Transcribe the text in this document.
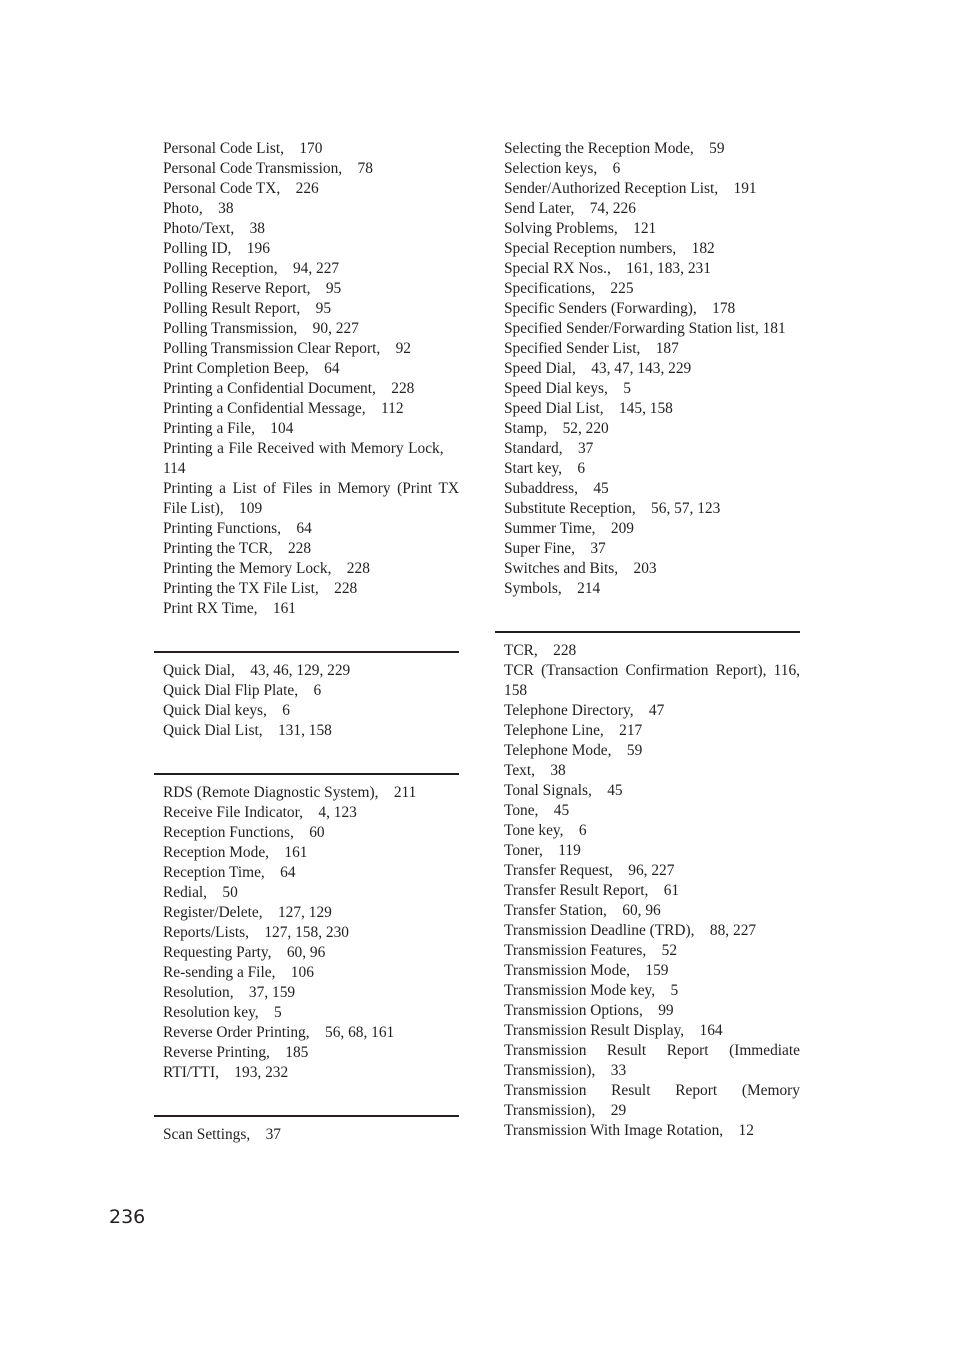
Personal Code List, 170
Personal Code Transmission, 78
Personal Code TX, 226
Photo, 38
Photo/Text, 38
Polling ID, 196
Polling Reception, 94, 227
Polling Reserve Report, 95
Polling Result Report, 95
Polling Transmission, 90, 227
Polling Transmission Clear Report, 92
Print Completion Beep, 64
Printing a Confidential Document, 228
Printing a Confidential Message, 112
Printing a File, 104
Printing a File Received with Memory Lock, 114
Printing a List of Files in Memory (Print TX File List), 109
Printing Functions, 64
Printing the TCR, 228
Printing the Memory Lock, 228
Printing the TX File List, 228
Print RX Time, 161
Quick Dial, 43, 46, 129, 229
Quick Dial Flip Plate, 6
Quick Dial keys, 6
Quick Dial List, 131, 158
RDS (Remote Diagnostic System), 211
Receive File Indicator, 4, 123
Reception Functions, 60
Reception Mode, 161
Reception Time, 64
Redial, 50
Register/Delete, 127, 129
Reports/Lists, 127, 158, 230
Requesting Party, 60, 96
Re-sending a File, 106
Resolution, 37, 159
Resolution key, 5
Reverse Order Printing, 56, 68, 161
Reverse Printing, 185
RTI/TTI, 193, 232
Scan Settings, 37
Selecting the Reception Mode, 59
Selection keys, 6
Sender/Authorized Reception List, 191
Send Later, 74, 226
Solving Problems, 121
Special Reception numbers, 182
Special RX Nos., 161, 183, 231
Specifications, 225
Specific Senders (Forwarding), 178
Specified Sender/Forwarding Station list, 181
Specified Sender List, 187
Speed Dial, 43, 47, 143, 229
Speed Dial keys, 5
Speed Dial List, 145, 158
Stamp, 52, 220
Standard, 37
Start key, 6
Subaddress, 45
Substitute Reception, 56, 57, 123
Summer Time, 209
Super Fine, 37
Switches and Bits, 203
Symbols, 214
TCR, 228
TCR (Transaction Confirmation Report), 116, 158
Telephone Directory, 47
Telephone Line, 217
Telephone Mode, 59
Text, 38
Tonal Signals, 45
Tone, 45
Tone key, 6
Toner, 119
Transfer Request, 96, 227
Transfer Result Report, 61
Transfer Station, 60, 96
Transmission Deadline (TRD), 88, 227
Transmission Features, 52
Transmission Mode, 159
Transmission Mode key, 5
Transmission Options, 99
Transmission Result Display, 164
Transmission Result Report (Immediate Transmission), 33
Transmission Result Report (Memory Transmission), 29
Transmission With Image Rotation, 12
236
